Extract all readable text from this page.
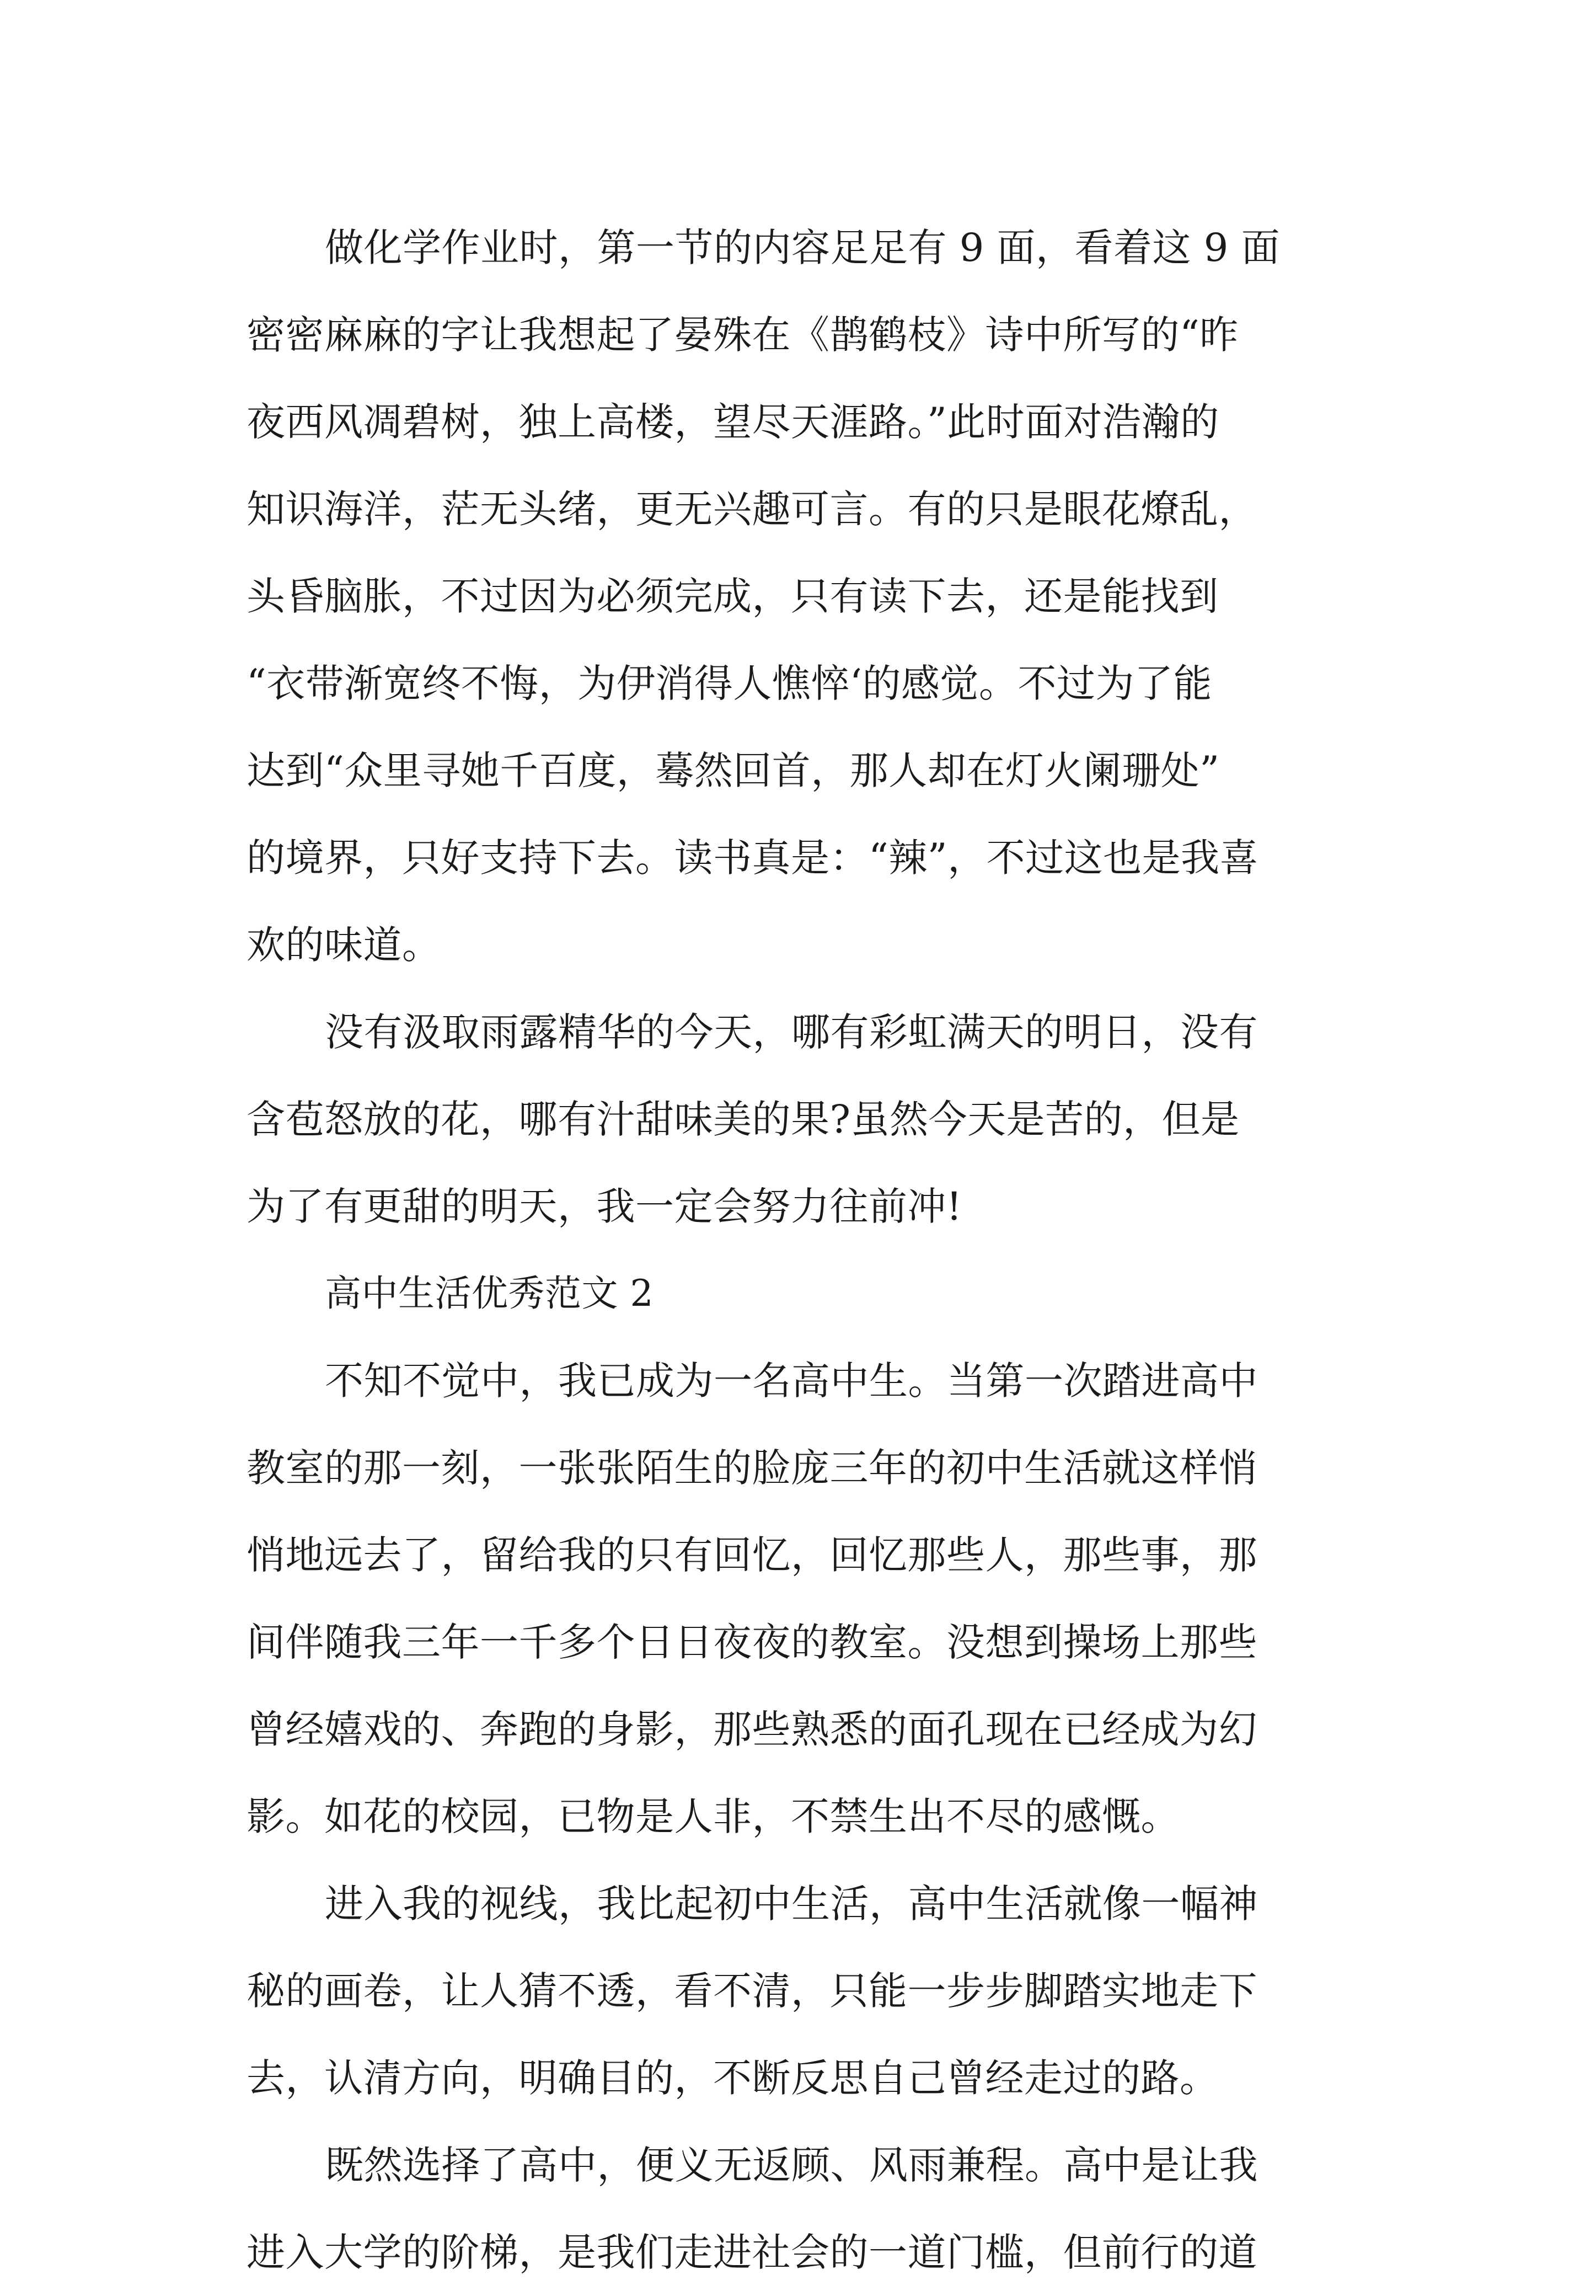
做化学作业时，第一节的内容足足有 9 面，看着这 9 面
密密麻麻的字让我想起了晏殊在《鹊鹤枝》诗中所写的“昨
夜西风凋碧树，独上高楼，望尽天涯路。”此时面对浩瀚的
知识海洋，茫无头绪，更无兴趣可言。有的只是眼花燎乱，
头昏脑胀，不过因为必须完成，只有读下去，还是能找到
“衣带渐宽终不悔，为伊消得人憔悴‘的感觉。不过为了能
达到“众里寻她千百度，蓦然回首，那人却在灯火阑珊处”
的境界，只好支持下去。读书真是：“辣”，不过这也是我喜
欢的味道。
没有汲取雨露精华的今天，哪有彩虹满天的明日，没有
含苞怒放的花，哪有汁甜味美的果?虽然今天是苦的，但是
为了有更甜的明天，我一定会努力往前冲!
高中生活优秀范文 2
不知不觉中，我已成为一名高中生。当第一次踏进高中
教室的那一刻，一张张陌生的脸庞三年的初中生活就这样悄
悄地远去了，留给我的只有回忆，回忆那些人，那些事，那
间伴随我三年一千多个日日夜夜的教室。没想到操场上那些
曾经嬉戏的、奔跑的身影，那些熟悉的面孔现在已经成为幻
影。如花的校园，已物是人非，不禁生出不尽的感慨。
进入我的视线，我比起初中生活，高中生活就像一幅神
秘的画卷，让人猜不透，看不清，只能一步步脚踏实地走下
去，认清方向，明确目的，不断反思自己曾经走过的路。
既然选择了高中，便义无返顾、风雨兼程。高中是让我
进入大学的阶梯，是我们走进社会的一道门槛，但前行的道
